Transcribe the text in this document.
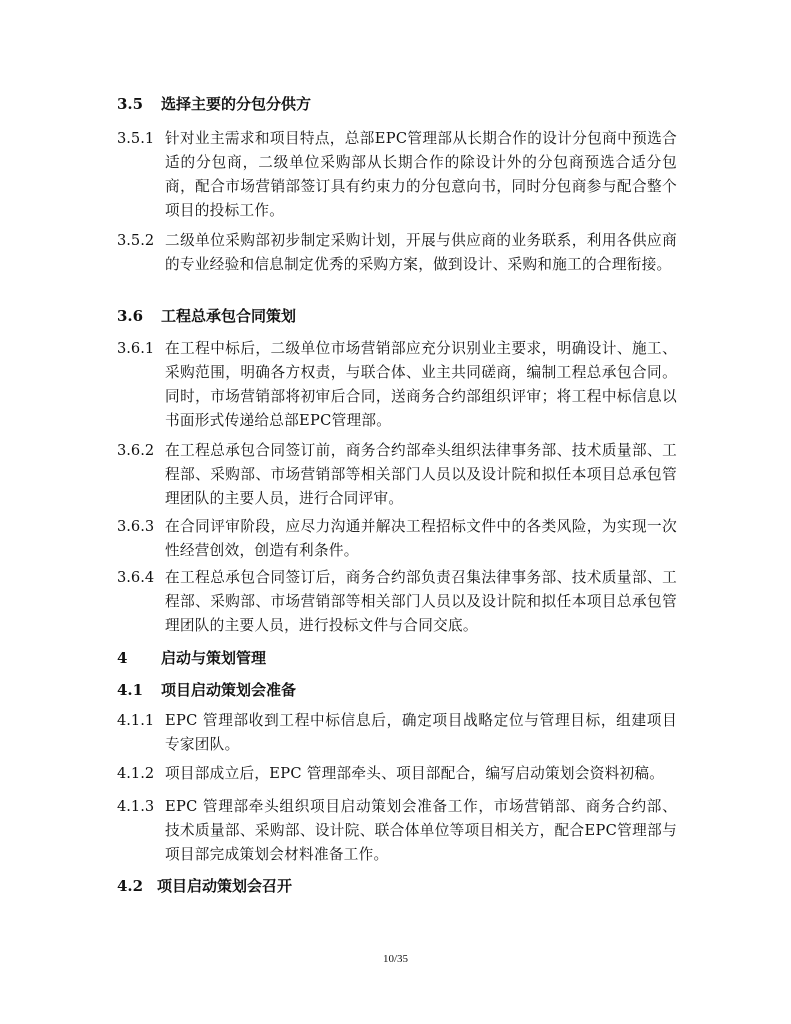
3.5 选择主要的分包分供方
3.5.1 针对业主需求和项目特点，总部EPC管理部从长期合作的设计分包商中预选合适的分包商，二级单位采购部从长期合作的除设计外的分包商预选合适分包商，配合市场营销部签订具有约束力的分包意向书，同时分包商参与配合整个项目的投标工作。
3.5.2 二级单位采购部初步制定采购计划，开展与供应商的业务联系，利用各供应商的专业经验和信息制定优秀的采购方案，做到设计、采购和施工的合理衔接。
3.6 工程总承包合同策划
3.6.1 在工程中标后，二级单位市场营销部应充分识别业主要求，明确设计、施工、采购范围，明确各方权责，与联合体、业主共同磋商，编制工程总承包合同。同时，市场营销部将初审后合同，送商务合约部组织评审；将工程中标信息以书面形式传递给总部EPC管理部。
3.6.2 在工程总承包合同签订前，商务合约部牵头组织法律事务部、技术质量部、工程部、采购部、市场营销部等相关部门人员以及设计院和拟任本项目总承包管理团队的主要人员，进行合同评审。
3.6.3 在合同评审阶段，应尽力沟通并解决工程招标文件中的各类风险，为实现一次性经营创效，创造有利条件。
3.6.4 在工程总承包合同签订后，商务合约部负责召集法律事务部、技术质量部、工程部、采购部、市场营销部等相关部门人员以及设计院和拟任本项目总承包管理团队的主要人员，进行投标文件与合同交底。
4 启动与策划管理
4.1 项目启动策划会准备
4.1.1 EPC 管理部收到工程中标信息后，确定项目战略定位与管理目标，组建项目专家团队。
4.1.2 项目部成立后，EPC 管理部牵头、项目部配合，编写启动策划会资料初稿。
4.1.3 EPC 管理部牵头组织项目启动策划会准备工作，市场营销部、商务合约部、技术质量部、采购部、设计院、联合体单位等项目相关方，配合EPC管理部与项目部完成策划会材料准备工作。
4.2 项目启动策划会召开
10/35
